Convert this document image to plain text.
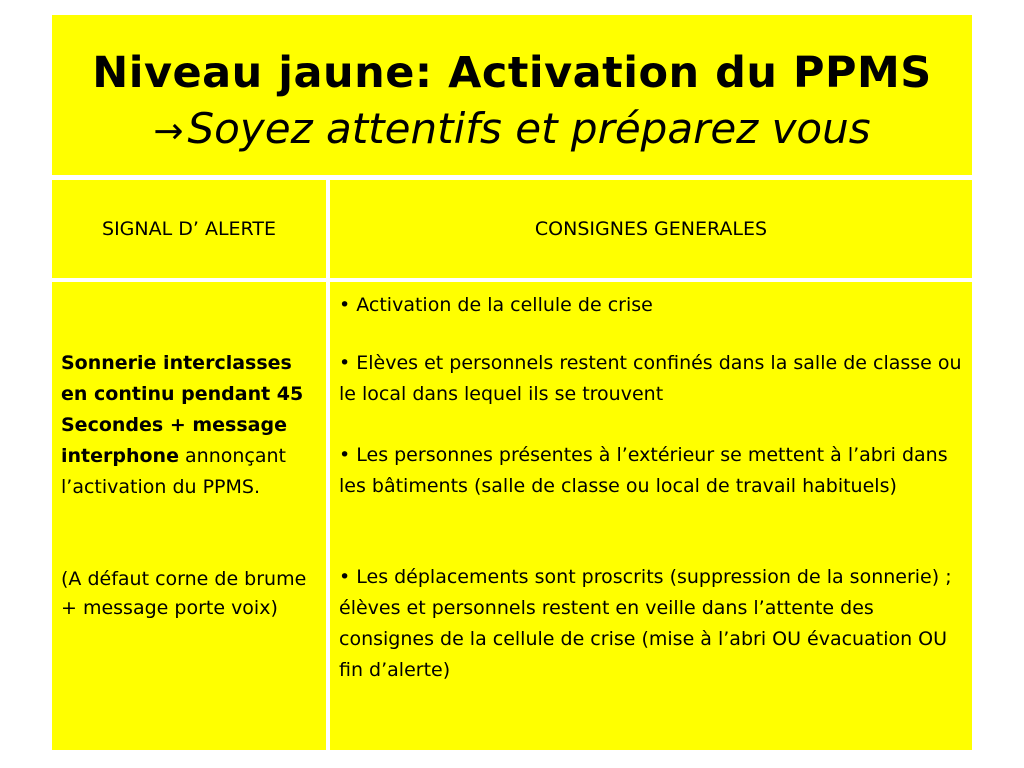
Niveau jaune: Activation du PPMS
→Soyez attentifs et préparez vous
SIGNAL D’ ALERTE	CONSIGNES GENERALES
Sonnerie interclasses en continu pendant 45 Secondes + message interphone annonçant l’activation du PPMS.
(A défaut corne de brume + message porte voix)
• Activation de la cellule de crise
• Elèves et personnels restent confinés dans la salle de classe ou le local dans lequel ils se trouvent
• Les personnes présentes à l’extérieur se mettent à l’abri dans les bâtiments (salle de classe ou local de travail habituels)
• Les déplacements sont proscrits (suppression de la sonnerie) ; élèves et personnels restent en veille dans l’attente des consignes de la cellule de crise (mise à l’abri OU évacuation OU fin d’alerte)
